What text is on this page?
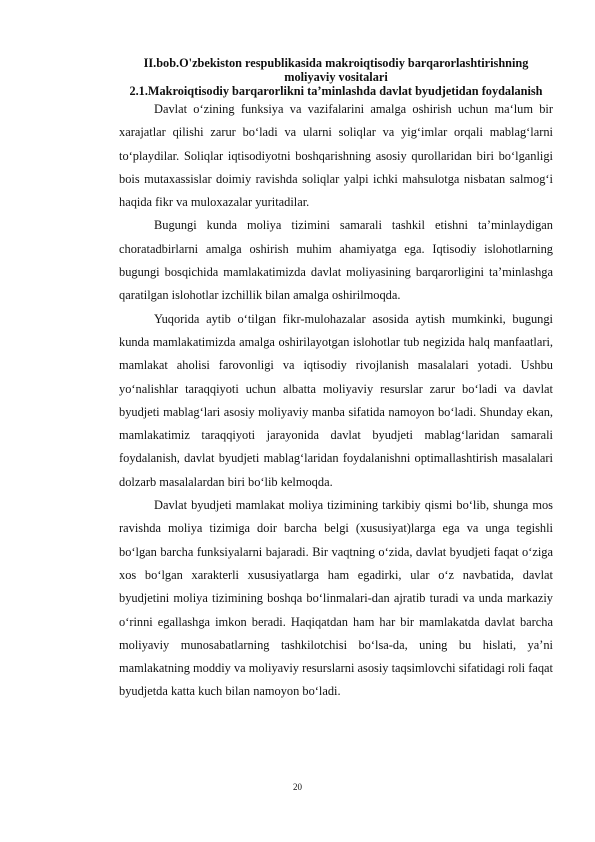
II.bob.O'zbekiston respublikasida makroiqtisodiy barqarorlashtirishning moliyaviy vositalari

2.1.Makroiqtisodiy barqarorlikni ta’minlashda davlat byudjetidan foydalanish

Davlat o‘zining funksiya va vazifalarini amalga oshirish uchun ma‘lum bir xarajatlar qilishi zarur bo‘ladi va ularni soliqlar va yig‘imlar orqali mablag‘larni to‘playdilar. Soliqlar iqtisodiyotni boshqarishning asosiy qurollaridan biri bo‘lganligi bois mutaxassislar doimiy ravishda soliqlar yalpi ichki mahsulotga nisbatan salmog‘i haqida fikr va muloxazalar yuritadilar.

Bugungi kunda moliya tizimini samarali tashkil etishni ta’minlaydigan choratadbirlarni amalga oshirish muhim ahamiyatga ega. Iqtisodiy islohotlarning bugungi bosqichida mamlakatimizda davlat moliyasining barqarorligini ta’minlashga qaratilgan islohotlar izchillik bilan amalga oshirilmoqda.

Yuqorida aytib o‘tilgan fikr-mulohazalar asosida aytish mumkinki, bugungi kunda mamlakatimizda amalga oshirilayotgan islohotlar tub negizida halq manfaatlari, mamlakat aholisi farovonligi va iqtisodiy rivojlanish masalalari yotadi. Ushbu yo‘nalishlar taraqqiyoti uchun albatta moliyaviy resurslar zarur bo‘ladi va davlat byudjeti mablag‘lari asosiy moliyaviy manba sifatida namoyon bo‘ladi. Shunday ekan, mamlakatimiz taraqqiyoti jarayonida davlat byudjeti mablag‘laridan samarali foydalanish, davlat byudjeti mablag‘laridan foydalanishni optimallashtirish masalalari dolzarb masalalardan biri bo‘lib kelmoqda.

Davlat byudjeti mamlakat moliya tizimining tarkibiy qismi bo‘lib, shunga mos ravishda moliya tizimiga doir barcha belgi (xususiyat)larga ega va unga tegishli bo‘lgan barcha funksiyalarni bajaradi. Bir vaqtning o‘zida, davlat byudjeti faqat o‘ziga xos bo‘lgan xarakterli xususiyatlarga ham egadirki, ular o‘z navbatida, davlat byudjetini moliya tizimining boshqa bo‘linmalari-dan ajratib turadi va unda markaziy o‘rinni egallashga imkon beradi. Haqiqatdan ham har bir mamlakatda davlat barcha moliyaviy munosabatlarning tashkilotchisi bo‘lsa-da, uning bu hislati, ya’ni mamlakatning moddiy va moliyaviy resurslarni asosiy taqsimlovchi sifatidagi roli faqat byudjetda katta kuch bilan namoyon bo‘ladi.

20
